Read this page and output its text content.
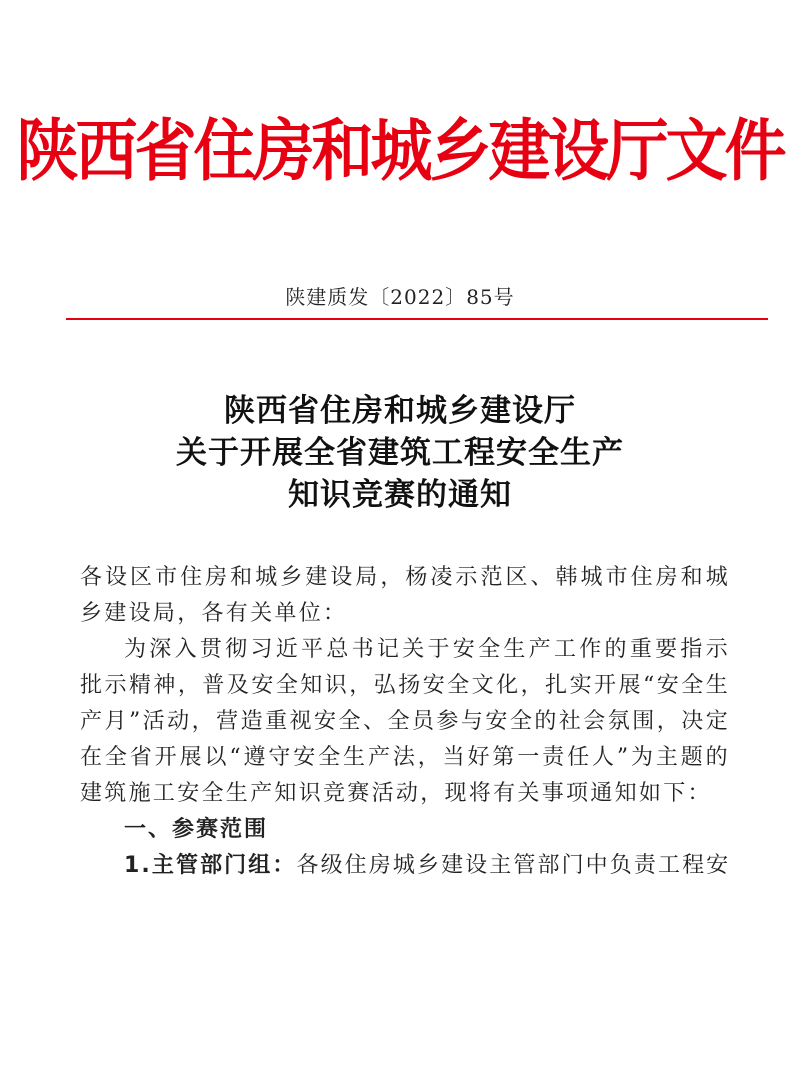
陕西省住房和城乡建设厅文件
陕建质发〔2022〕85号
陕西省住房和城乡建设厅
关于开展全省建筑工程安全生产
知识竞赛的通知

各设区市住房和城乡建设局，杨凌示范区、韩城市住房和城乡建设局，各有关单位：

为深入贯彻习近平总书记关于安全生产工作的重要指示批示精神，普及安全知识，弘扬安全文化，扎实开展“安全生产月”活动，营造重视安全、全员参与安全的社会氛围，决定在全省开展以“遵守安全生产法，当好第一责任人”为主题的建筑施工安全生产知识竞赛活动，现将有关事项通知如下：

一、参赛范围

1.主管部门组：各级住房城乡建设主管部门中负责工程安
